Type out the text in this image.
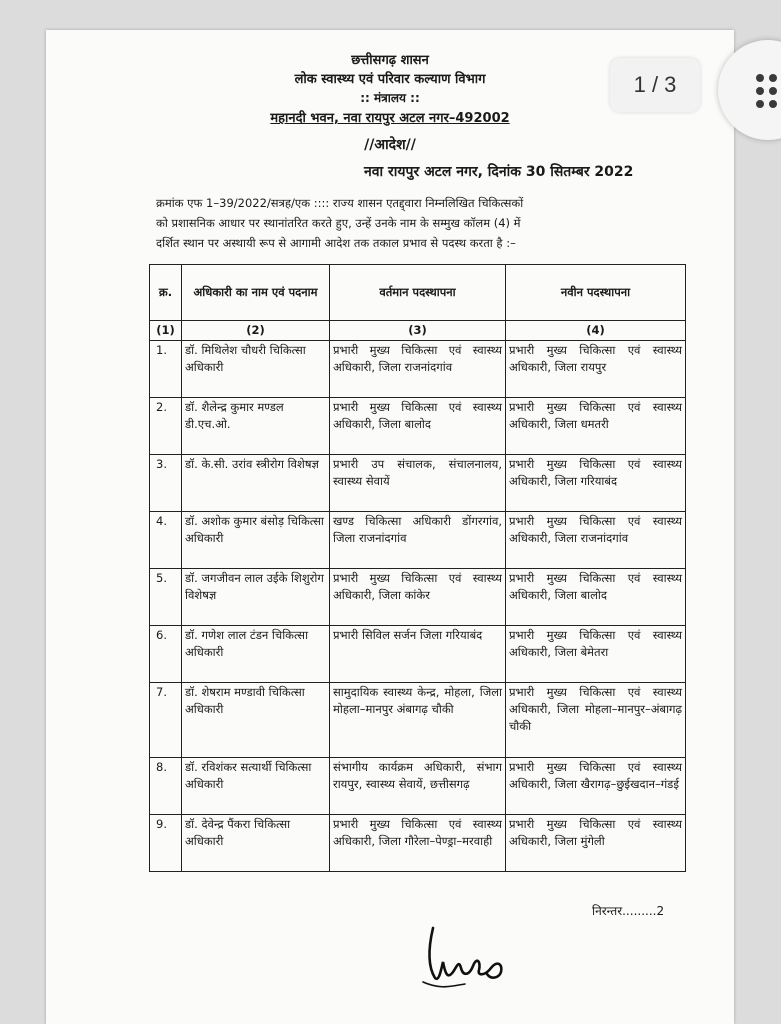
छत्तीसगढ़ शासन
लोक स्वास्थ्य एवं परिवार कल्याण विभाग
:: मंत्रालय ::
महानदी भवन, नवा रायपुर अटल नगर–492002
//आदेश//
नवा रायपुर अटल नगर, दिनांक 30 सितम्बर 2022
क्रमांक एफ 1–39/2022/सत्रह/एक :::: राज्य शासन एतद्द्वारा निम्नलिखित चिकित्सकों
को प्रशासनिक आधार पर स्थानांतरित करते हुए, उन्हें उनके नाम के सम्मुख कॉलम (4) में
दर्शित स्थान पर अस्थायी रूप से आगामी आदेश तक तकाल प्रभाव से पदस्थ करता है :–
क्र.	अधिकारी का नाम एवं पदनाम	वर्तमान पदस्थापना	नवीन पदस्थापना
(1)	(2)	(3)	(4)
1.	डॉ. मिथिलेश चौधरी चिकित्सा अधिकारी	प्रभारी मुख्य चिकित्सा एवं स्वास्थ्य अधिकारी, जिला राजनांदगांव	प्रभारी मुख्य चिकित्सा एवं स्वास्थ्य अधिकारी, जिला रायपुर
2.	डॉ. शैलेन्द्र कुमार मण्डल डी.एच.ओ.	प्रभारी मुख्य चिकित्सा एवं स्वास्थ्य अधिकारी, जिला बालोद	प्रभारी मुख्य चिकित्सा एवं स्वास्थ्य अधिकारी, जिला धमतरी
3.	डॉ. के.सी. उरांव स्त्रीरोग विशेषज्ञ	प्रभारी उप संचालक, संचालनालय, स्वास्थ्य सेवायें	प्रभारी मुख्य चिकित्सा एवं स्वास्थ्य अधिकारी, जिला गरियाबंद
4.	डॉ. अशोक कुमार बंसोड़ चिकित्सा अधिकारी	खण्ड चिकित्सा अधिकारी डोंगरगांव, जिला राजनांदगांव	प्रभारी मुख्य चिकित्सा एवं स्वास्थ्य अधिकारी, जिला राजनांदगांव
5.	डॉ. जगजीवन लाल उईके शिशुरोग विशेषज्ञ	प्रभारी मुख्य चिकित्सा एवं स्वास्थ्य अधिकारी, जिला कांकेर	प्रभारी मुख्य चिकित्सा एवं स्वास्थ्य अधिकारी, जिला बालोद
6.	डॉ. गणेश लाल टंडन चिकित्सा अधिकारी	प्रभारी सिविल सर्जन जिला गरियाबंद	प्रभारी मुख्य चिकित्सा एवं स्वास्थ्य अधिकारी, जिला बेमेतरा
7.	डॉ. शेषराम मण्डावी चिकित्सा अधिकारी	सामुदायिक स्वास्थ्य केन्द्र, मोहला, जिला मोहला–मानपुर अंबागढ़ चौकी	प्रभारी मुख्य चिकित्सा एवं स्वास्थ्य अधिकारी, जिला मोहला–मानपुर–अंबागढ़ चौकी
8.	डॉ. रविशंकर सत्यार्थी चिकित्सा अधिकारी	संभागीय कार्यक्रम अधिकारी, संभाग रायपुर, स्वास्थ्य सेवायें, छत्तीसगढ़	प्रभारी मुख्य चिकित्सा एवं स्वास्थ्य अधिकारी, जिला खैरागढ़–छुईखदान–गंडई
9.	डॉ. देवेन्द्र पैंकरा चिकित्सा अधिकारी	प्रभारी मुख्य चिकित्सा एवं स्वास्थ्य अधिकारी, जिला गौरेला–पेण्ड्रा–मरवाही	प्रभारी मुख्य चिकित्सा एवं स्वास्थ्य अधिकारी, जिला मुंगेली
निरन्तर.........2
1 / 3
